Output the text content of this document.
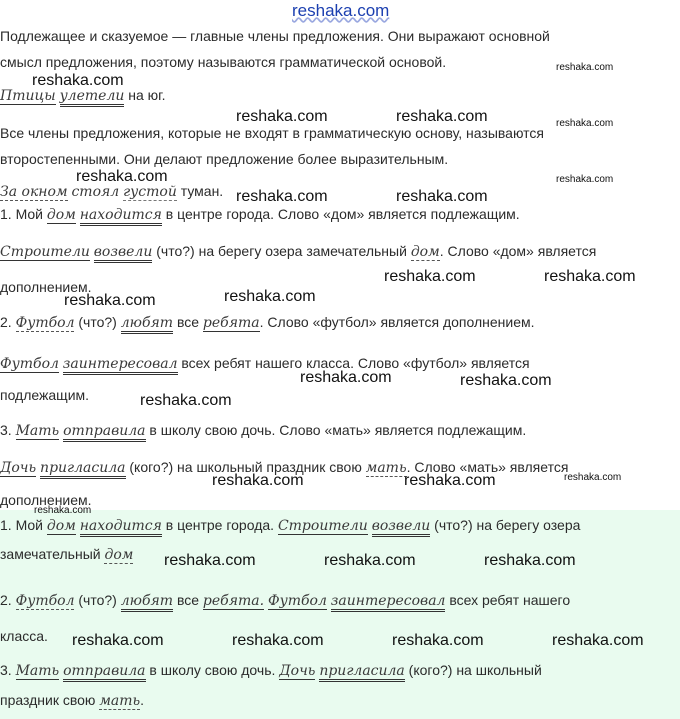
reshaka.com
Подлежащее и сказуемое — главные члены предложения. Они выражают основной
смысл предложения, поэтому называются грамматической основой.
Птицы улетели на юг.
Все члены предложения, которые не входят в грамматическую основу, называются
второстепенными. Они делают предложение более выразительным.
За окном стоял густой туман.
1. Мой дом находится в центре города. Слово «дом» является подлежащим.
Строители возвели (что?) на берегу озера замечательный дом. Слово «дом» является
дополнением.
2. Футбол (что?) любят все ребята. Слово «футбол» является дополнением.
Футбол заинтересовал всех ребят нашего класса. Слово «футбол» является
подлежащим.
3. Мать отправила в школу свою дочь. Слово «мать» является подлежащим.
Дочь пригласила (кого?) на школьный праздник свою мать. Слово «мать» является
дополнением.
1. Мой дом находится в центре города. Строители возвели (что?) на берегу озера
замечательный дом
2. Футбол (что?) любят все ребята. Футбол заинтересовал всех ребят нашего
класса.
3. Мать отправила в школу свою дочь. Дочь пригласила (кого?) на школьный
праздник свою мать.
reshaka.com
reshaka.com
reshaka.com	reshaka.com	reshaka.com
reshaka.com	reshaka.com
reshaka.com	reshaka.com
reshaka.com	reshaka.com
reshaka.com	reshaka.com
reshaka.com	reshaka.com
reshaka.com
reshaka.com	reshaka.com	reshaka.com
reshaka.com
reshaka.com	reshaka.com	reshaka.com
reshaka.com	reshaka.com	reshaka.com	reshaka.com
